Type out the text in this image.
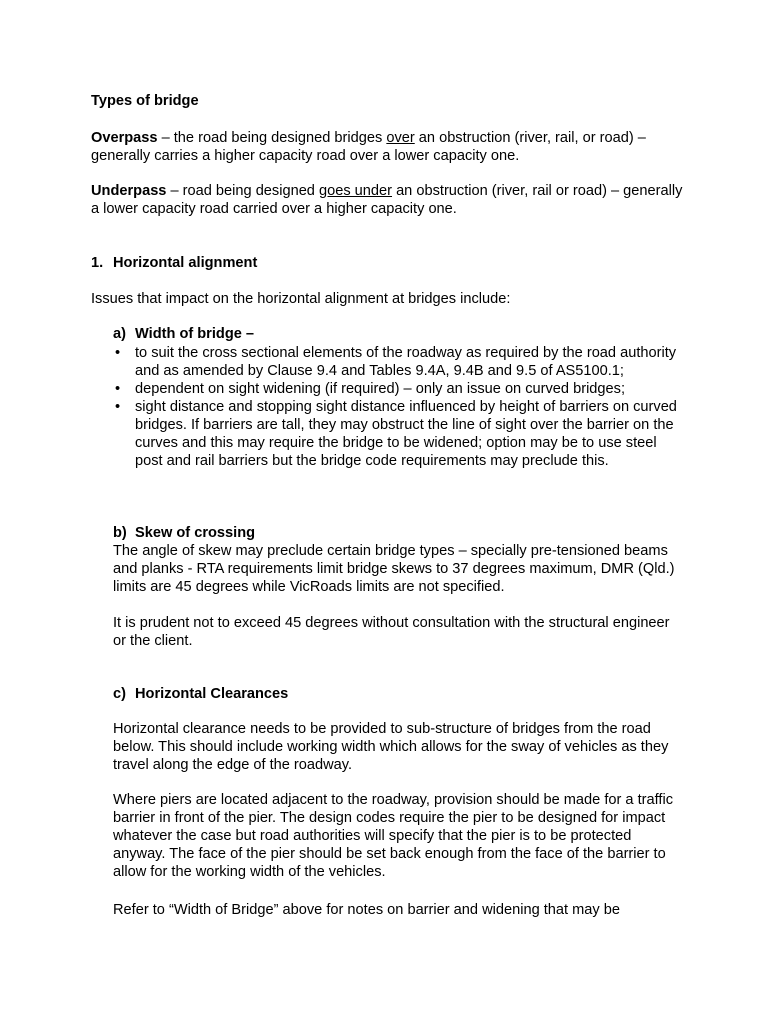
Types of bridge

Overpass – the road being designed bridges over an obstruction (river, rail, or road) – generally carries a higher capacity road over a lower capacity one.

Underpass – road being designed goes under an obstruction (river, rail or road) – generally a lower capacity road carried over a higher capacity one.

1. Horizontal alignment

Issues that impact on the horizontal alignment at bridges include:

a) Width of bridge –
• to suit the cross sectional elements of the roadway as required by the road authority and as amended by Clause 9.4 and Tables 9.4A, 9.4B and 9.5 of AS5100.1;
• dependent on sight widening (if required) – only an issue on curved bridges;
• sight distance and stopping sight distance influenced by height of barriers on curved bridges. If barriers are tall, they may obstruct the line of sight over the barrier on the curves and this may require the bridge to be widened; option may be to use steel post and rail barriers but the bridge code requirements may preclude this.
b) Skew of crossing

The angle of skew may preclude certain bridge types – specially pre-tensioned beams and planks - RTA requirements limit bridge skews to 37 degrees maximum, DMR (Qld.) limits are 45 degrees while VicRoads limits are not specified.

It is prudent not to exceed 45 degrees without consultation with the structural engineer or the client.

c) Horizontal Clearances

Horizontal clearance needs to be provided to sub-structure of bridges from the road below. This should include working width which allows for the sway of vehicles as they travel along the edge of the roadway.

Where piers are located adjacent to the roadway, provision should be made for a traffic barrier in front of the pier. The design codes require the pier to be designed for impact whatever the case but road authorities will specify that the pier is to be protected anyway. The face of the pier should be set back enough from the face of the barrier to allow for the working width of the vehicles.

Refer to “Width of Bridge” above for notes on barrier and widening that may be
